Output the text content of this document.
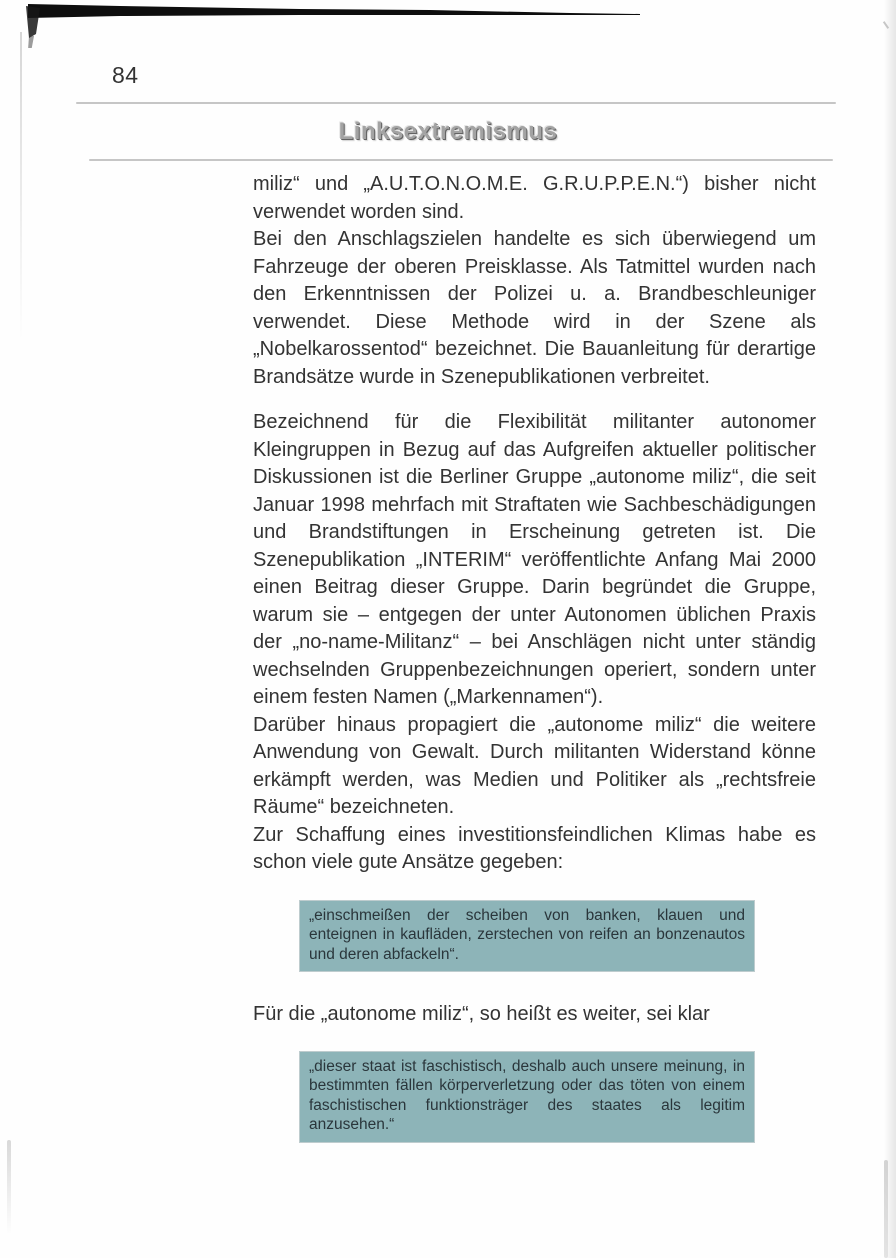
84
Linksextremismus

miliz“ und „A.U.T.O.N.O.M.E. G.R.U.P.P.E.N.“) bisher nicht verwendet worden sind.

Bei den Anschlagszielen handelte es sich überwiegend um Fahrzeuge der oberen Preisklasse. Als Tatmittel wurden nach den Erkenntnissen der Polizei u. a. Brandbeschleuniger verwendet. Diese Methode wird in der Szene als „Nobelkarossentod“ bezeichnet. Die Bauanleitung für derartige Brandsätze wurde in Szenepublikationen verbreitet.

Bezeichnend für die Flexibilität militanter autonomer Kleingruppen in Bezug auf das Aufgreifen aktueller politischer Diskussionen ist die Berliner Gruppe „autonome miliz“, die seit Januar 1998 mehrfach mit Straftaten wie Sachbeschädigungen und Brandstiftungen in Erscheinung getreten ist. Die Szenepublikation „INTERIM“ veröffentlichte Anfang Mai 2000 einen Beitrag dieser Gruppe. Darin begründet die Gruppe, warum sie – entgegen der unter Autonomen üblichen Praxis der „no-name-Militanz“ – bei Anschlägen nicht unter ständig wechselnden Gruppenbezeichnungen operiert, sondern unter einem festen Namen („Markennamen“).

Darüber hinaus propagiert die „autonome miliz“ die weitere Anwendung von Gewalt. Durch militanten Widerstand könne erkämpft werden, was Medien und Politiker als „rechtsfreie Räume“ bezeichneten.

Zur Schaffung eines investitionsfeindlichen Klimas habe es schon viele gute Ansätze gegeben:

„einschmeißen der scheiben von banken, klauen und enteignen in kaufläden, zerstechen von reifen an bonzenautos und deren abfackeln“.

Für die „autonome miliz“, so heißt es weiter, sei klar

„dieser staat ist faschistisch, deshalb auch unsere meinung, in bestimmten fällen körperverletzung oder das töten von einem faschistischen funktionsträger des staates als legitim anzusehen.“
